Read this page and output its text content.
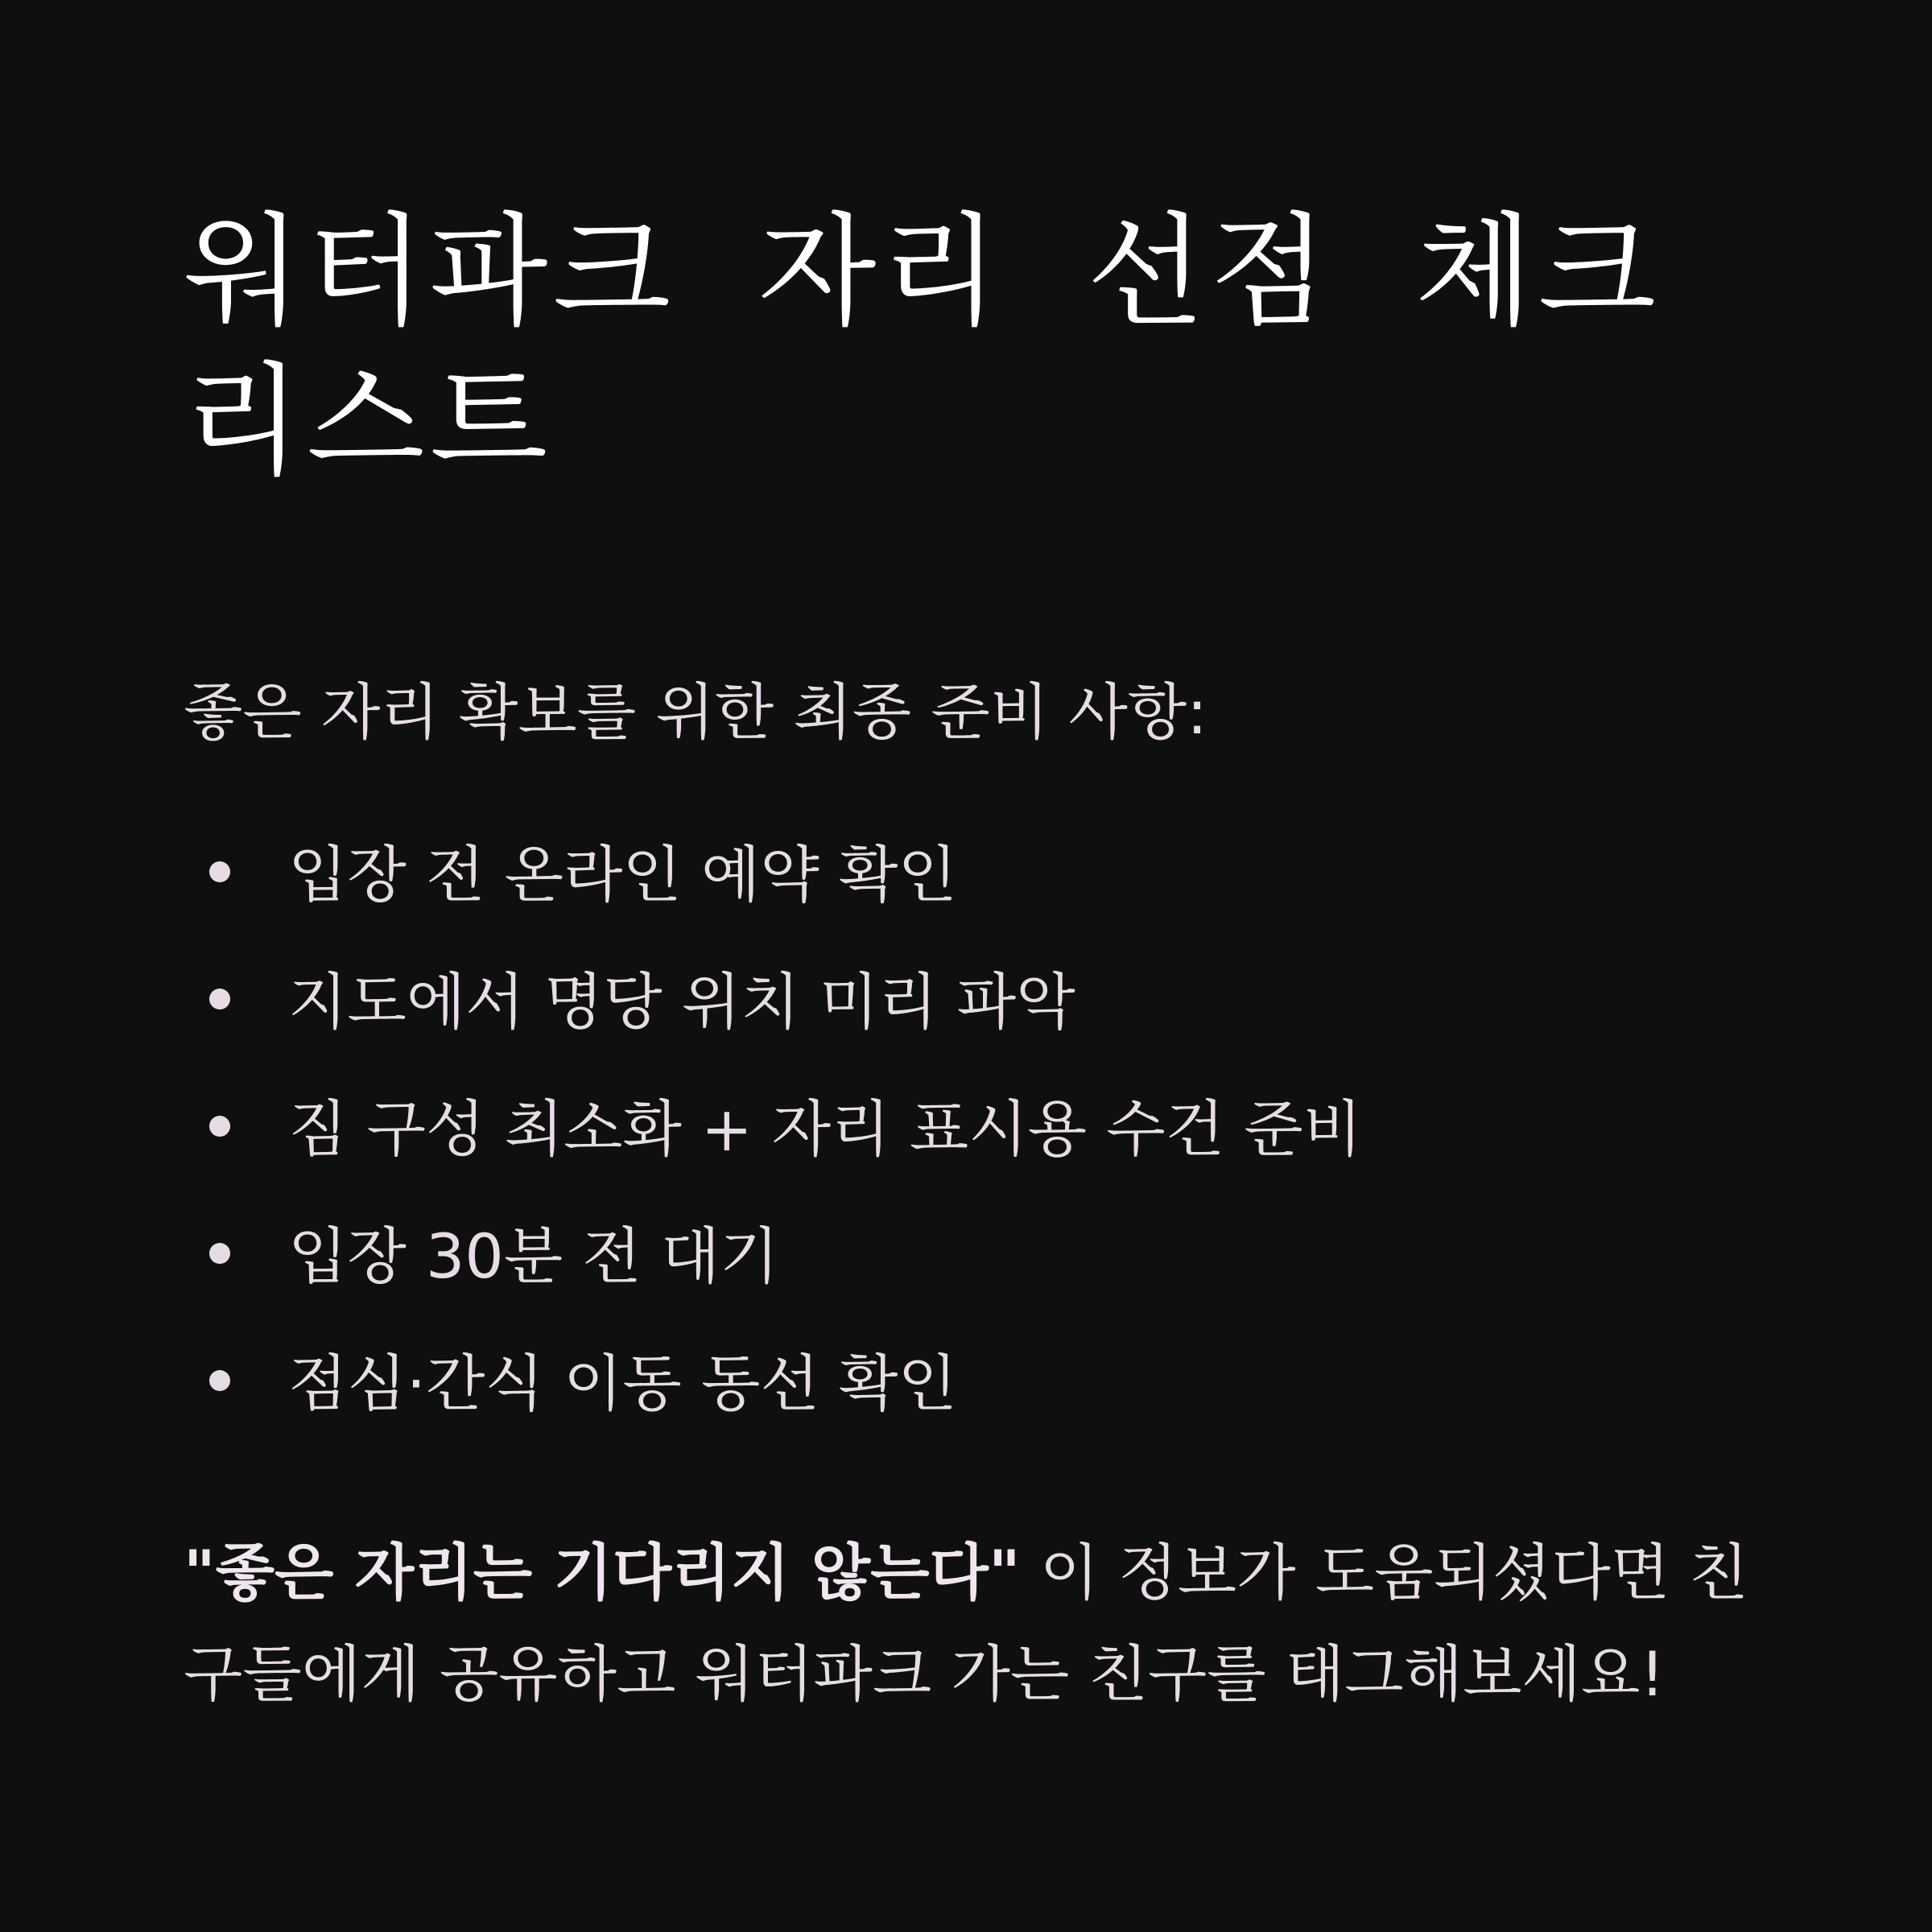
워터파크 자리 선점 체크리스트

좋은 자리 확보를 위한 최종 준비 사항:

입장 전 온라인 예약 확인
지도에서 명당 위치 미리 파악
짐 구성 최소화 + 자리 표시용 수건 준비
입장 30분 전 대기
점심·간식 이동 동선 확인

"좋은 자리는 기다리지 않는다" 이 정보가 도움되셨다면 친구들에게 공유하고 워터파크 가는 친구를 태그해보세요!
